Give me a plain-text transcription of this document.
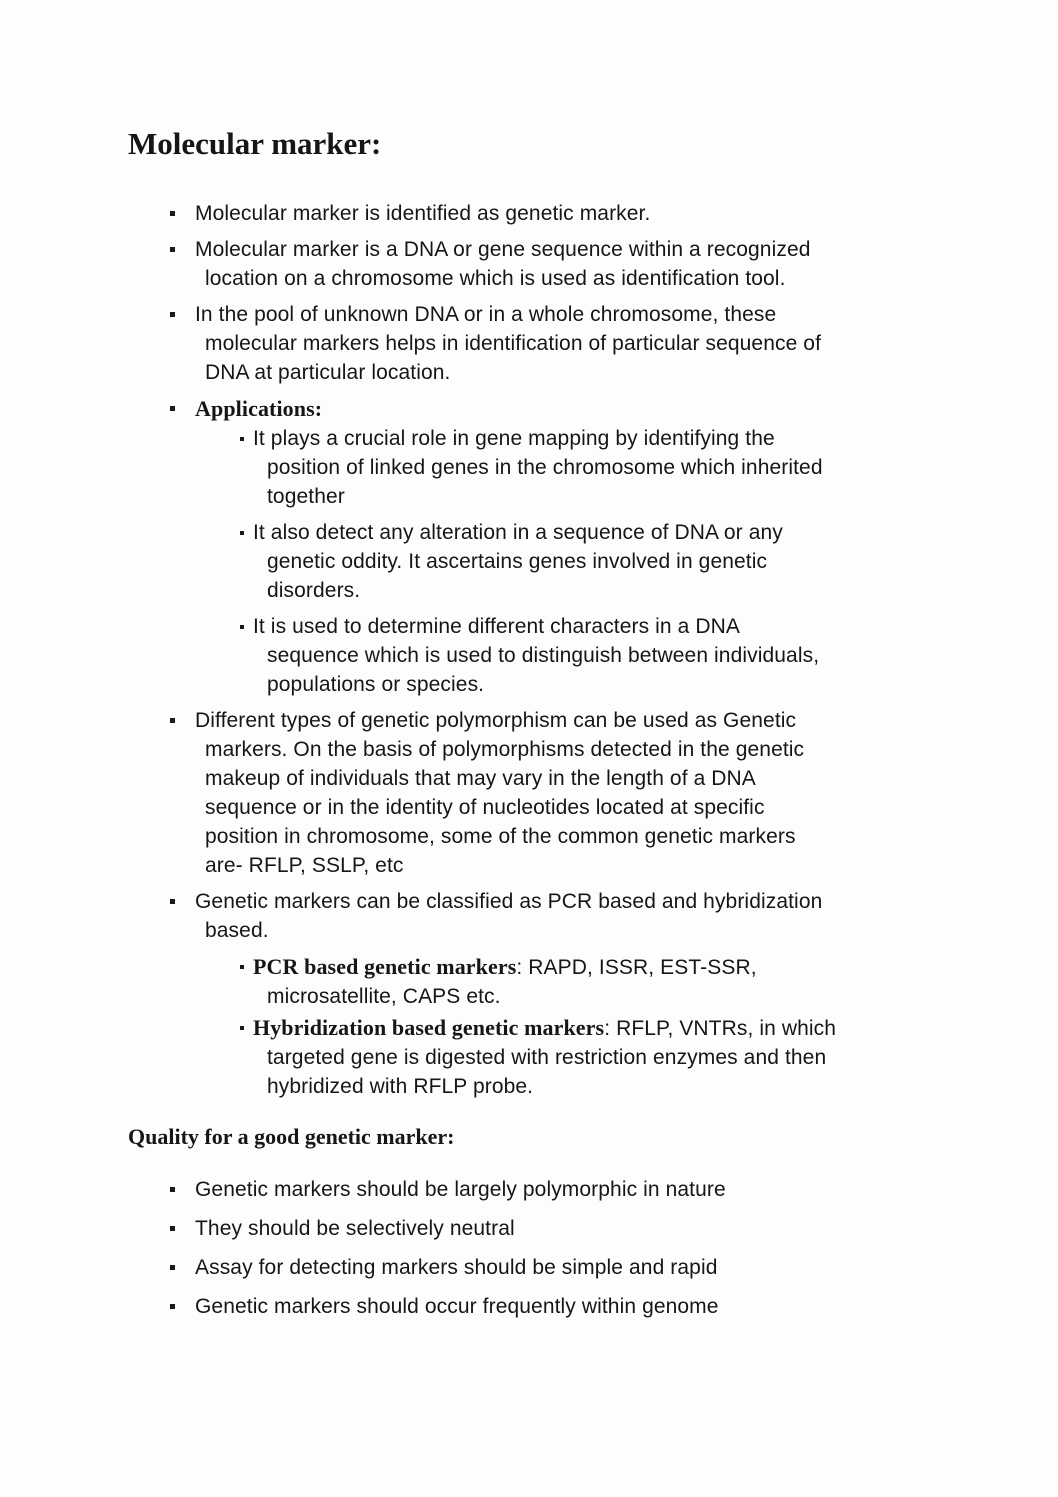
Molecular marker:
Molecular marker is identified as genetic marker.
Molecular marker is a DNA or gene sequence within a recognized
location on a chromosome which is used as identification tool.
In the pool of unknown DNA or in a whole chromosome, these
molecular markers helps in identification of particular sequence of
DNA at particular location.
Applications:
It plays a crucial role in gene mapping by identifying the
position of linked genes in the chromosome which inherited
together
It also detect any alteration in a sequence of DNA or any
genetic oddity. It ascertains genes involved in genetic
disorders.
It is used to determine different characters in a DNA
sequence which is used to distinguish between individuals,
populations or species.
Different types of genetic polymorphism can be used as Genetic
markers. On the basis of polymorphisms detected in the genetic
makeup of individuals that may vary in the length of a DNA
sequence or in the identity of nucleotides located at specific
position in chromosome, some of the common genetic markers
are- RFLP, SSLP, etc
Genetic markers can be classified as PCR based and hybridization
based.
PCR based genetic markers: RAPD, ISSR, EST-SSR,
microsatellite, CAPS etc.
Hybridization based genetic markers: RFLP, VNTRs, in which
targeted gene is digested with restriction enzymes and then
hybridized with RFLP probe.
Quality for a good genetic marker:
Genetic markers should be largely polymorphic in nature
They should be selectively neutral
Assay for detecting markers should be simple and rapid
Genetic markers should occur frequently within genome
